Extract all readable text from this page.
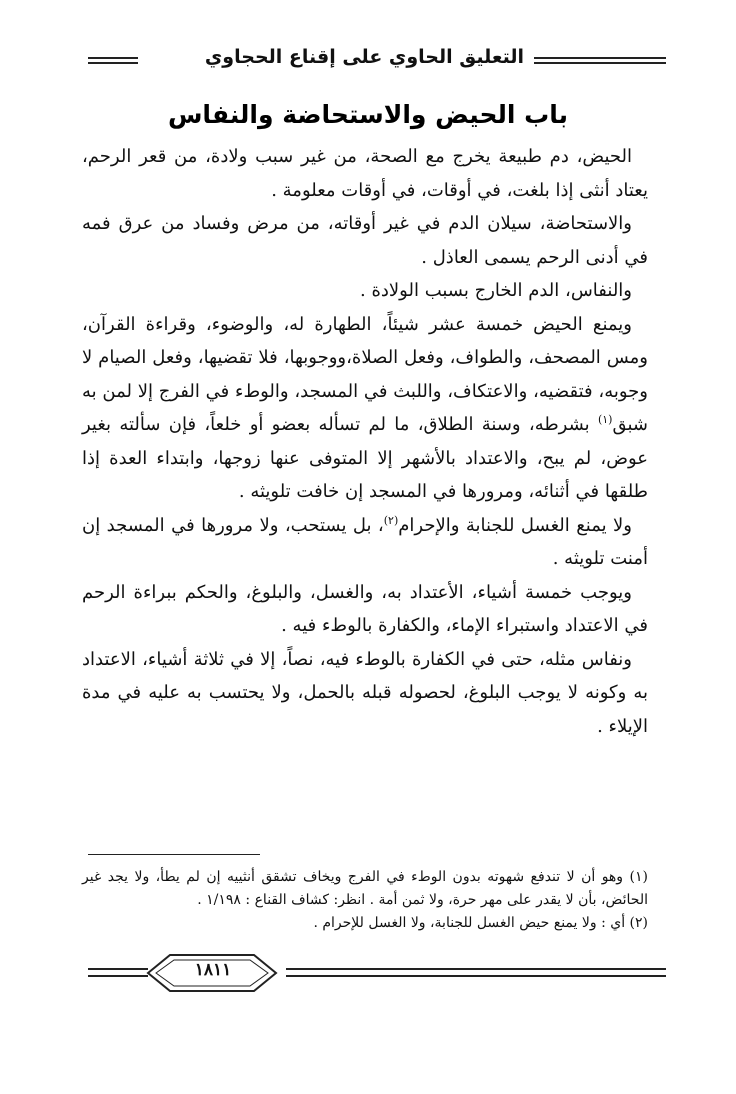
التعليق الحاوي على إقناع الحجاوي
باب الحيض والاستحاضة والنفاس

الحيض، دم طبيعة يخرج مع الصحة، من غير سبب ولادة، من قعر الرحم، يعتاد أنثى إذا بلغت، في أوقات، في أوقات معلومة .

والاستحاضة، سيلان الدم في غير أوقاته، من مرض وفساد من عرق فمه في أدنى الرحم يسمى العاذل .

والنفاس، الدم الخارج بسبب الولادة .

ويمنع الحيض خمسة عشر شيئاً، الطهارة له، والوضوء، وقراءة القرآن، ومس المصحف، والطواف، وفعل الصلاة،ووجوبها، فلا تقضيها، وفعل الصيام لا وجوبه، فتقضيه، والاعتكاف، واللبث في المسجد، والوطء في الفرج إلا لمن به شبق$^{(١)}$ بشرطه، وسنة الطلاق، ما لم تسأله بعضو أو خلعاً، فإن سألته بغير عوض، لم يبح، والاعتداد بالأشهر إلا المتوفى عنها زوجها، وابتداء العدة إذا طلقها في أثنائه، ومرورها في المسجد إن خافت تلويثه .

ولا يمنع الغسل للجنابة والإحرام$^{(٢)}$، بل يستحب، ولا مرورها في المسجد إن أمنت تلويثه .

ويوجب خمسة أشياء، الأعتداد به، والغسل، والبلوغ، والحكم ببراءة الرحم في الاعتداد واستبراء الإماء، والكفارة بالوطء فيه .

ونفاس مثله، حتى في الكفارة بالوطء فيه، نصاً، إلا في ثلاثة أشياء، الاعتداد به وكونه لا يوجب البلوغ، لحصوله قبله بالحمل، ولا يحتسب به عليه في مدة الإيلاء .

(١) وهو أن لا تندفع شهوته بدون الوطء في الفرج ويخاف تشقق أنثييه إن لم يطأ، ولا يجد غير الحائض، بأن لا يقدر على مهر حرة، ولا ثمن أمة . انظر: كشاف القناع : ١/١٩٨ .

(٢) أي : ولا يمنع حيض الغسل للجنابة، ولا الغسل للإحرام .

١٨١١
